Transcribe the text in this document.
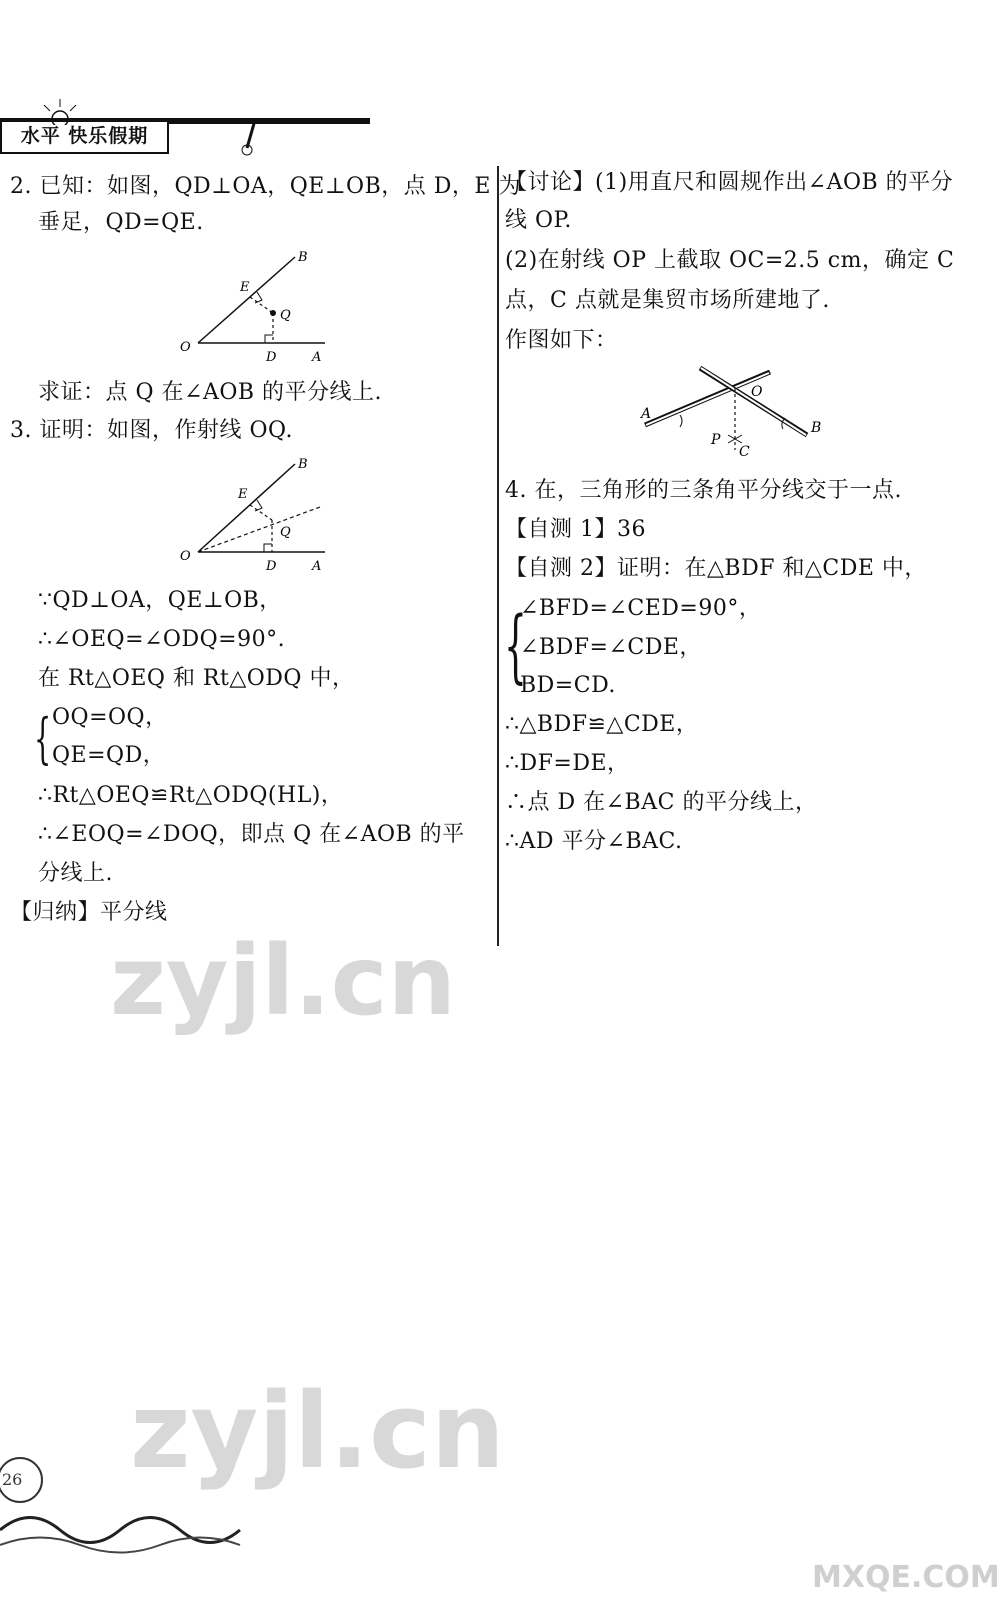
水平 快乐假期
2. 已知：如图，QD⊥OA，QE⊥OB，点 D，E 为
垂足，QD=QE.
B
E
Q
O
D	A
求证：点 Q 在∠AOB 的平分线上.
3. 证明：如图，作射线 OQ.
B
E
Q
O
D	A
∵QD⊥OA，QE⊥OB，
∴∠OEQ=∠ODQ=90°.
在 Rt△OEQ 和 Rt△ODQ 中，
{ OQ=OQ，
QE=QD，
∴Rt△OEQ≌Rt△ODQ(HL)，
∴∠EOQ=∠DOQ，即点 Q 在∠AOB 的平
分线上.
【归纳】平分线
【讨论】(1)用直尺和圆规作出∠AOB 的平分
线 OP.
(2)在射线 OP 上截取 OC=2.5 cm，确定 C
点，C 点就是集贸市场所建地了.
作图如下：
A
O
B
P
C
4. 在，三角形的三条角平分线交于一点.
【自测 1】36
【自测 2】证明：在△BDF 和△CDE 中，
{
∠BFD=∠CED=90°，
∠BDF=∠CDE，
BD=CD.
∴△BDF≌△CDE，
∴DF=DE，
∴点 D 在∠BAC 的平分线上，
∴AD 平分∠BAC.
zyjl.cn
zyjl.cn
MXQE.COM
26
